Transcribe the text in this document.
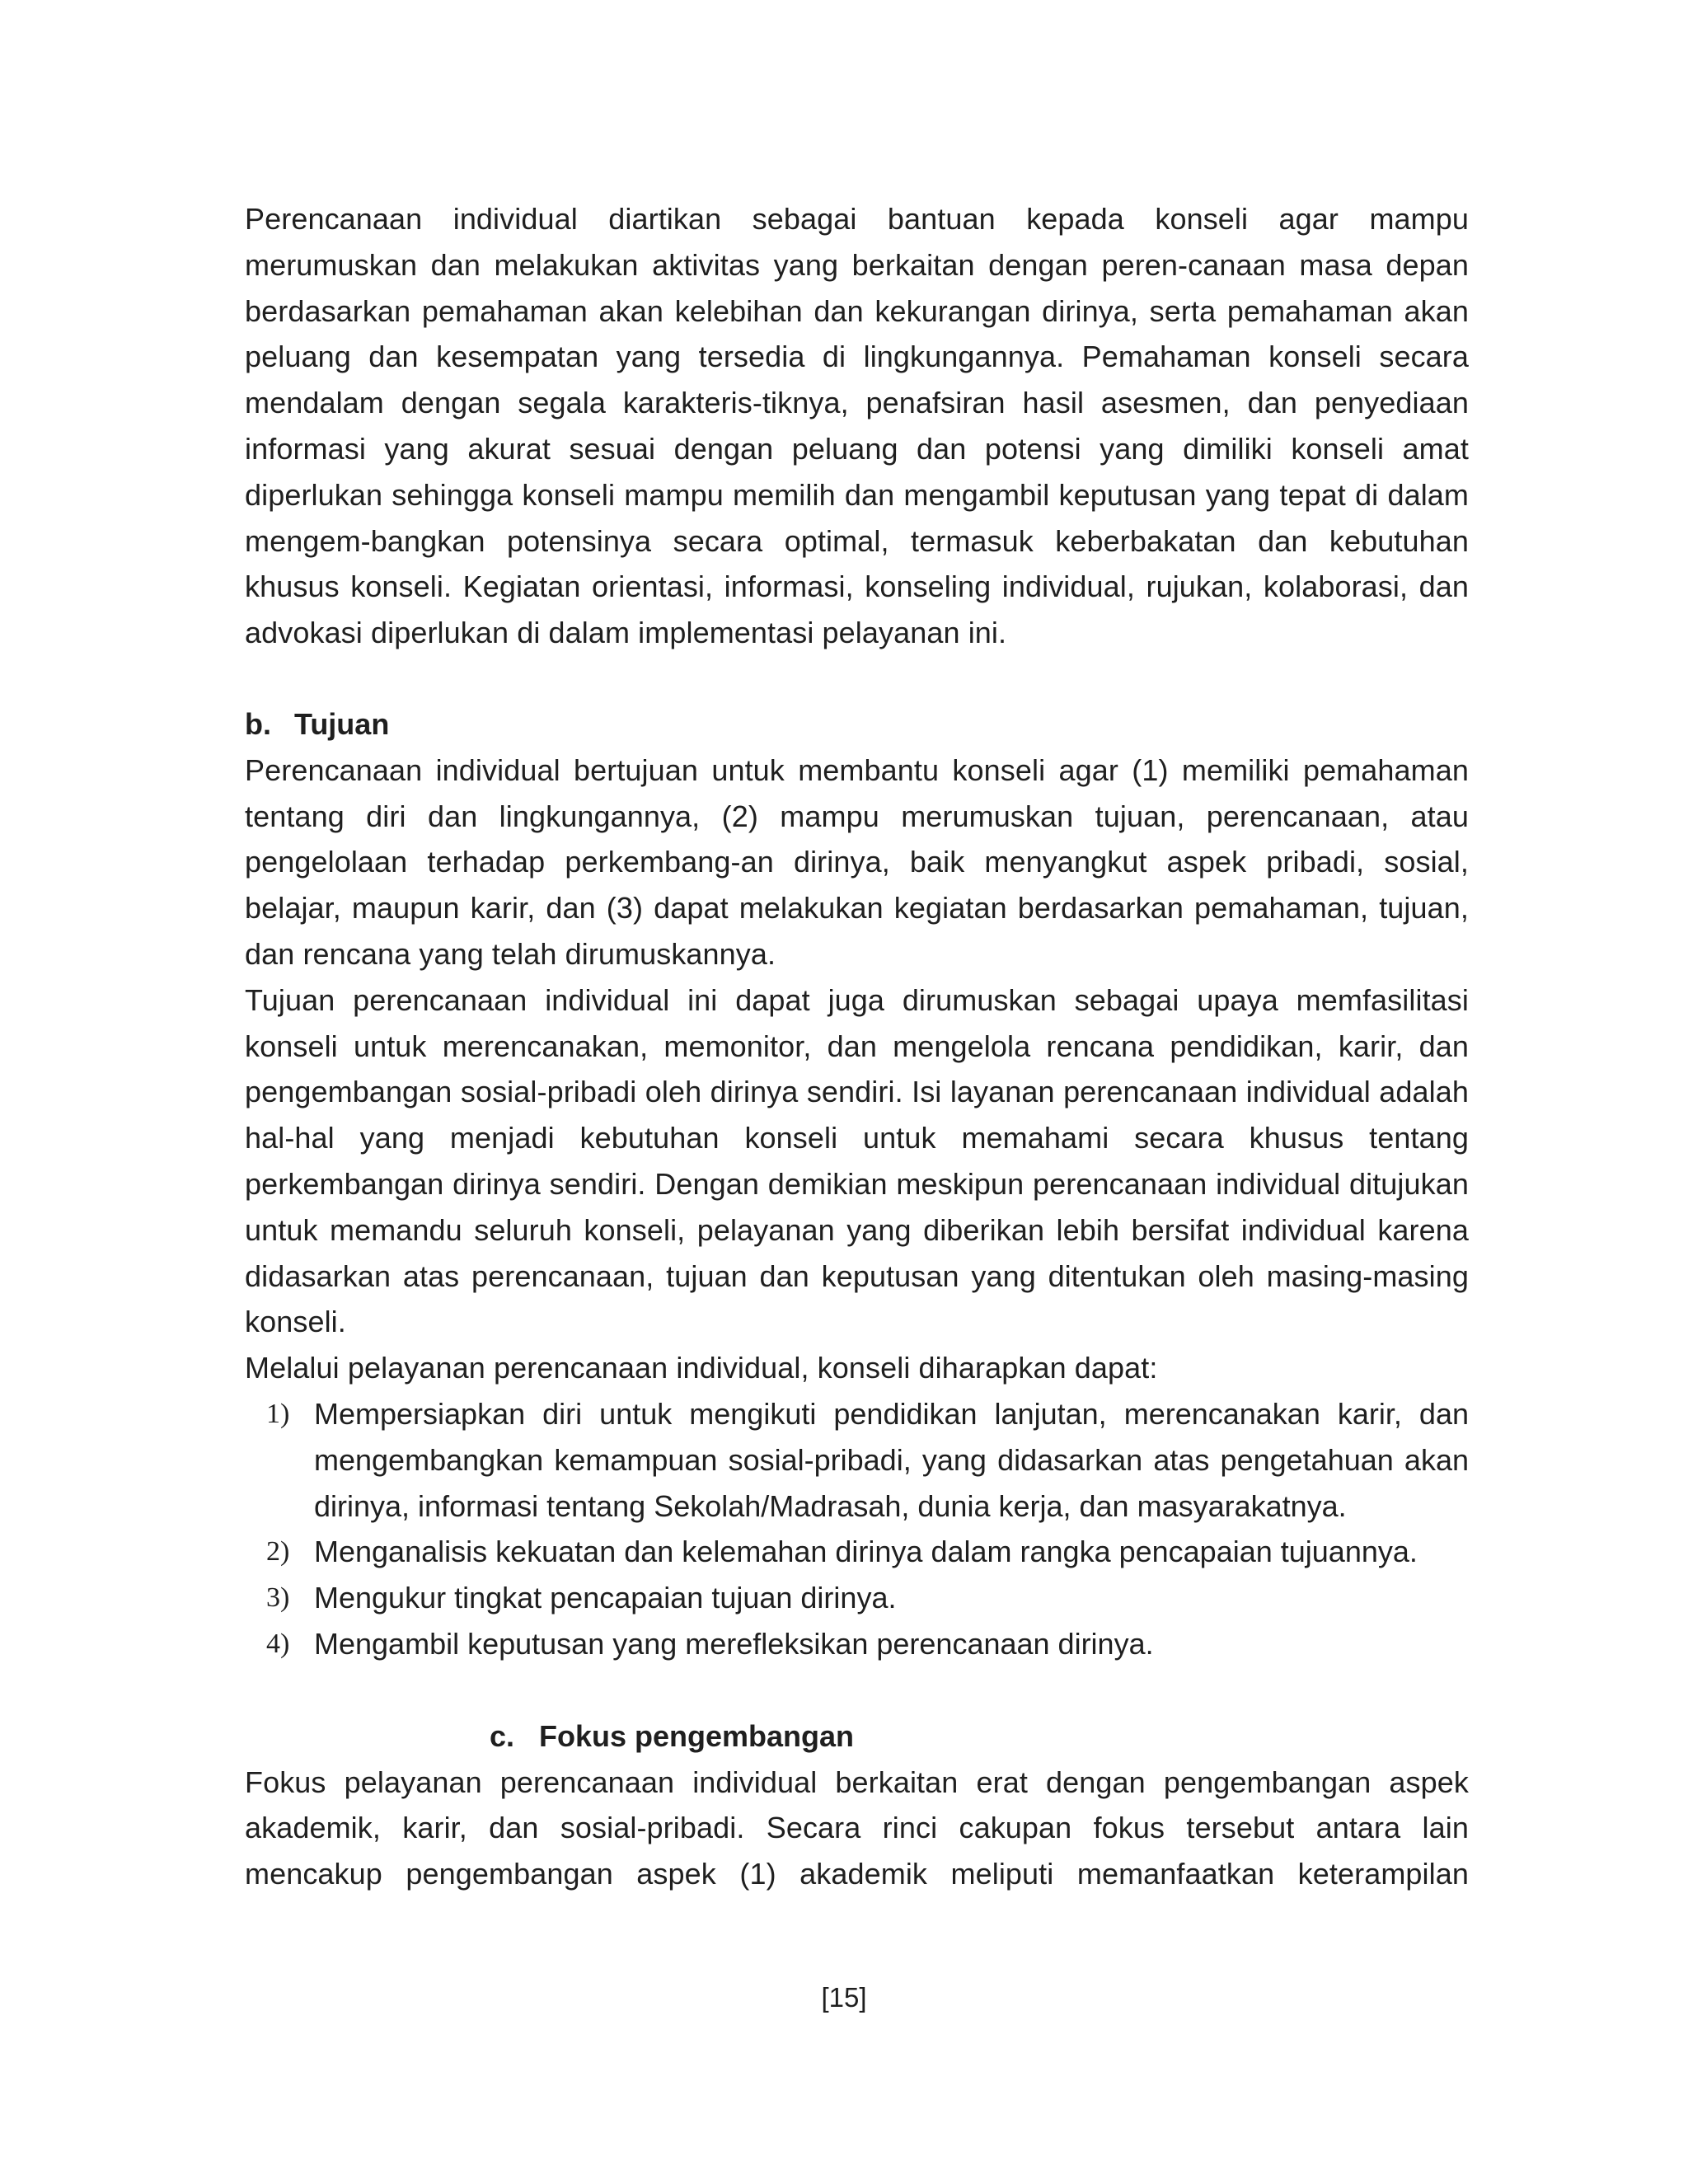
Perencanaan individual diartikan sebagai bantuan kepada konseli agar mampu merumuskan dan melakukan aktivitas yang berkaitan dengan peren-canaan masa depan berdasarkan pemahaman akan kelebihan dan kekurangan dirinya, serta pemahaman akan peluang dan kesempatan yang tersedia di lingkungannya. Pemahaman konseli secara mendalam dengan segala karakteris-tiknya, penafsiran hasil asesmen, dan penyediaan informasi yang akurat sesuai dengan peluang dan potensi yang dimiliki konseli amat diperlukan sehingga konseli mampu memilih dan mengambil keputusan yang tepat di dalam mengem-bangkan potensinya secara optimal, termasuk keberbakatan dan kebutuhan khusus konseli. Kegiatan orientasi, informasi, konseling individual, rujukan, kolaborasi, dan advokasi diperlukan di dalam implementasi pelayanan ini.

b. Tujuan

Perencanaan individual bertujuan untuk membantu konseli agar (1) memiliki pemahaman tentang diri dan lingkungannya, (2) mampu merumuskan tujuan, perencanaan, atau pengelolaan terhadap perkembang-an dirinya, baik menyangkut aspek pribadi, sosial, belajar, maupun karir, dan (3) dapat melakukan kegiatan berdasarkan pemahaman, tujuan, dan rencana yang telah dirumuskannya.

Tujuan perencanaan individual ini dapat juga dirumuskan sebagai upaya memfasilitasi konseli untuk merencanakan, memonitor, dan mengelola rencana pendidikan, karir, dan pengembangan sosial-pribadi oleh dirinya sendiri. Isi layanan perencanaan individual adalah hal-hal yang menjadi kebutuhan konseli untuk memahami secara khusus tentang perkembangan dirinya sendiri. Dengan demikian meskipun perencanaan individual ditujukan untuk memandu seluruh konseli, pelayanan yang diberikan lebih bersifat individual karena didasarkan atas perencanaan, tujuan dan keputusan yang ditentukan oleh masing-masing konseli.

Melalui pelayanan perencanaan individual, konseli diharapkan dapat:

1) Mempersiapkan diri untuk mengikuti pendidikan lanjutan, merencanakan karir, dan mengembangkan kemampuan sosial-pribadi, yang didasarkan atas pengetahuan akan dirinya, informasi tentang Sekolah/Madrasah, dunia kerja, dan masyarakatnya.
2) Menganalisis kekuatan dan kelemahan dirinya dalam rangka pencapaian tujuannya.
3) Mengukur tingkat pencapaian tujuan dirinya.
4) Mengambil keputusan yang merefleksikan perencanaan dirinya.
c. Fokus pengembangan

Fokus pelayanan perencanaan individual berkaitan erat dengan pengembangan aspek akademik, karir, dan sosial-pribadi. Secara rinci cakupan fokus tersebut antara lain mencakup pengembangan aspek (1) akademik meliputi memanfaatkan keterampilan

[15]
